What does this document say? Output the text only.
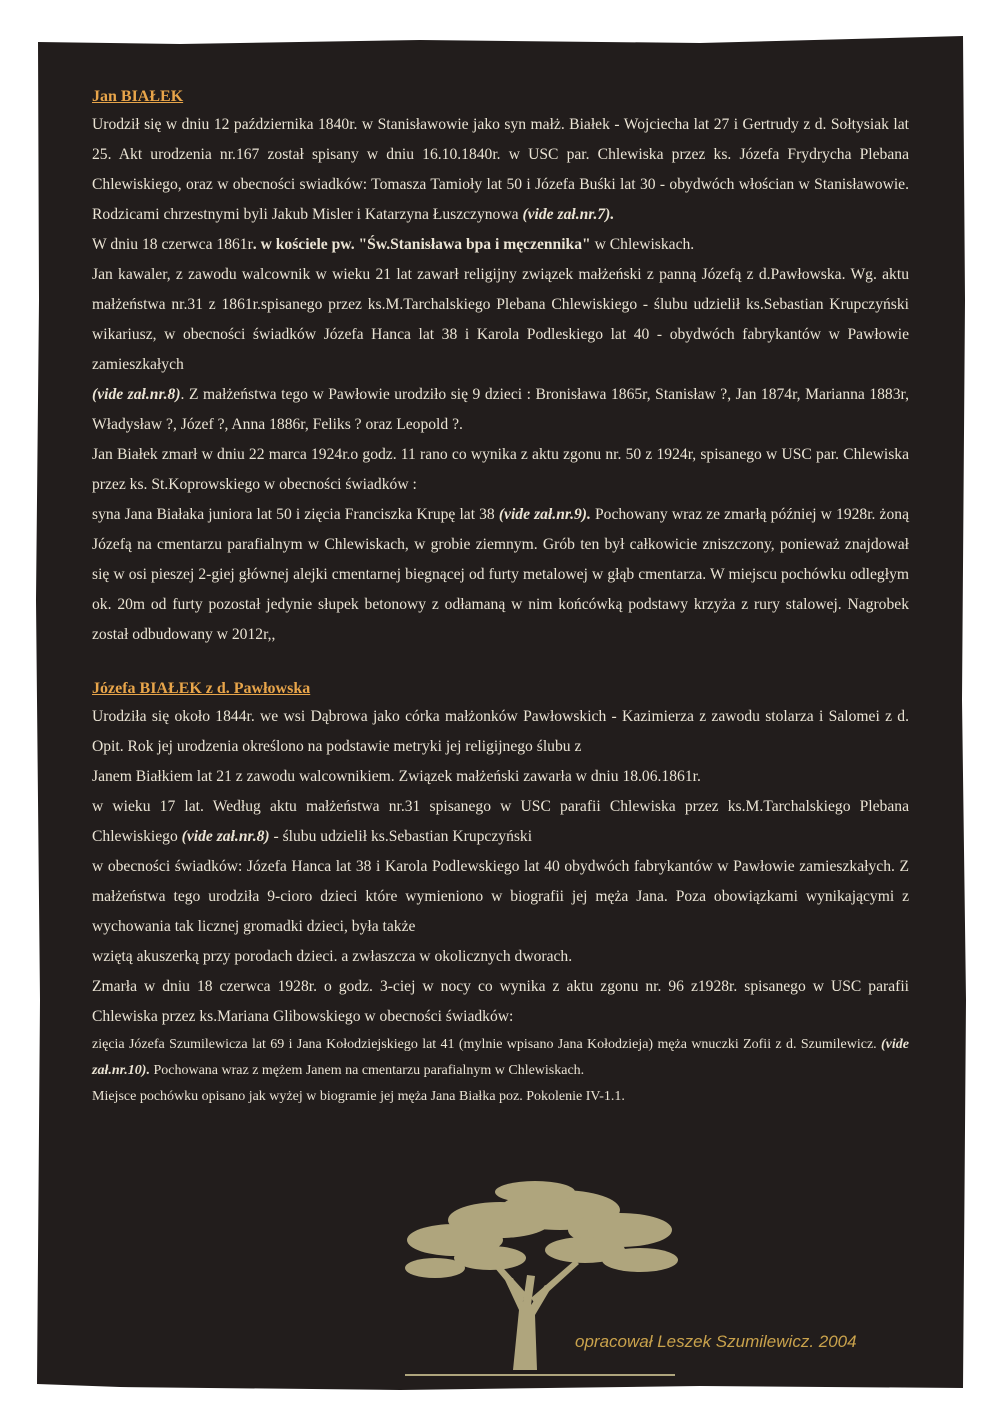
Jan BIAŁEK

Urodził się w dniu 12 października 1840r. w Stanisławowie jako syn małż. Białek - Wojciecha lat 27 i Gertrudy z d. Sołtysiak lat 25. Akt urodzenia nr.167 został spisany w dniu 16.10.1840r. w USC par. Chlewiska przez ks. Józefa Frydrycha Plebana Chlewiskiego, oraz w obecności swiadków: Tomasza Tamioły lat 50 i Józefa Buśki lat 30 - obydwóch włościan w Stanisławowie. Rodzicami chrzestnymi byli Jakub Misler i Katarzyna Łuszczynowa (vide zał.nr.7).

W dniu 18 czerwca 1861r. w kościele pw. "Św.Stanisława bpa i męczennika" w Chlewiskach.

Jan kawaler, z zawodu walcownik w wieku 21 lat zawarł religijny związek małżeński z panną Józefą z d.Pawłowska. Wg. aktu małżeństwa nr.31 z 1861r.spisanego przez ks.M.Tarchalskiego Plebana Chlewiskiego - ślubu udzielił ks.Sebastian Krupczyński wikariusz, w obecności świadków Józefa Hanca lat 38 i Karola Podleskiego lat 40 - obydwóch fabrykantów w Pawłowie zamieszkałych

(vide zał.nr.8). Z małżeństwa tego w Pawłowie urodziło się 9 dzieci : Bronisława 1865r, Stanisław ?, Jan 1874r, Marianna 1883r, Władysław ?, Józef ?, Anna 1886r, Feliks ? oraz Leopold ?.

Jan Białek zmarł w dniu 22 marca 1924r.o godz. 11 rano co wynika z aktu zgonu nr. 50 z 1924r, spisanego w USC par. Chlewiska przez ks. St.Koprowskiego w obecności świadków :

syna Jana Białaka juniora lat 50 i zięcia Franciszka Krupę lat 38 (vide zał.nr.9). Pochowany wraz ze zmarłą później w 1928r. żoną Józefą na cmentarzu parafialnym w Chlewiskach, w grobie ziemnym. Grób ten był całkowicie zniszczony, ponieważ znajdował się w osi pieszej 2-giej głównej alejki cmentarnej biegnącej od furty metalowej w głąb cmentarza. W miejscu pochówku odległym ok. 20m od furty pozostał jedynie słupek betonowy z odłamaną w nim końcówką podstawy krzyża z rury stalowej. Nagrobek został odbudowany w 2012r,,

Józefa BIAŁEK z d. Pawłowska

Urodziła się około 1844r. we wsi Dąbrowa jako córka małżonków Pawłowskich - Kazimierza z zawodu stolarza i Salomei z d. Opit. Rok jej urodzenia określono na podstawie metryki jej religijnego ślubu z

Janem Białkiem lat 21 z zawodu walcownikiem. Związek małżeński zawarła w dniu 18.06.1861r.

w wieku 17 lat. Według aktu małżeństwa nr.31 spisanego w USC parafii Chlewiska przez ks.M.Tarchalskiego Plebana Chlewiskiego (vide zał.nr.8) - ślubu udzielił ks.Sebastian Krupczyński

w obecności świadków: Józefa Hanca lat 38 i Karola Podlewskiego lat 40 obydwóch fabrykantów w Pawłowie zamieszkałych. Z małżeństwa tego urodziła 9-cioro dzieci które wymieniono w biografii jej męża Jana. Poza obowiązkami wynikającymi z wychowania tak licznej gromadki dzieci, była także

wziętą akuszerką przy porodach dzieci. a zwłaszcza w okolicznych dworach.

Zmarła w dniu 18 czerwca 1928r. o godz. 3-ciej w nocy co wynika z aktu zgonu nr. 96 z1928r. spisanego w USC parafii Chlewiska przez ks.Mariana Glibowskiego w obecności świadków:

zięcia Józefa Szumilewicza lat 69 i Jana Kołodziejskiego lat 41 (mylnie wpisano Jana Kołodzieja) męża wnuczki Zofii z d. Szumilewicz. (vide zał.nr.10). Pochowana wraz z mężem Janem na cmentarzu parafialnym w Chlewiskach.

Miejsce pochówku opisano jak wyżej w biogramie jej męża Jana Białka poz. Pokolenie IV-1.1.

opracował Leszek Szumilewicz. 2004
